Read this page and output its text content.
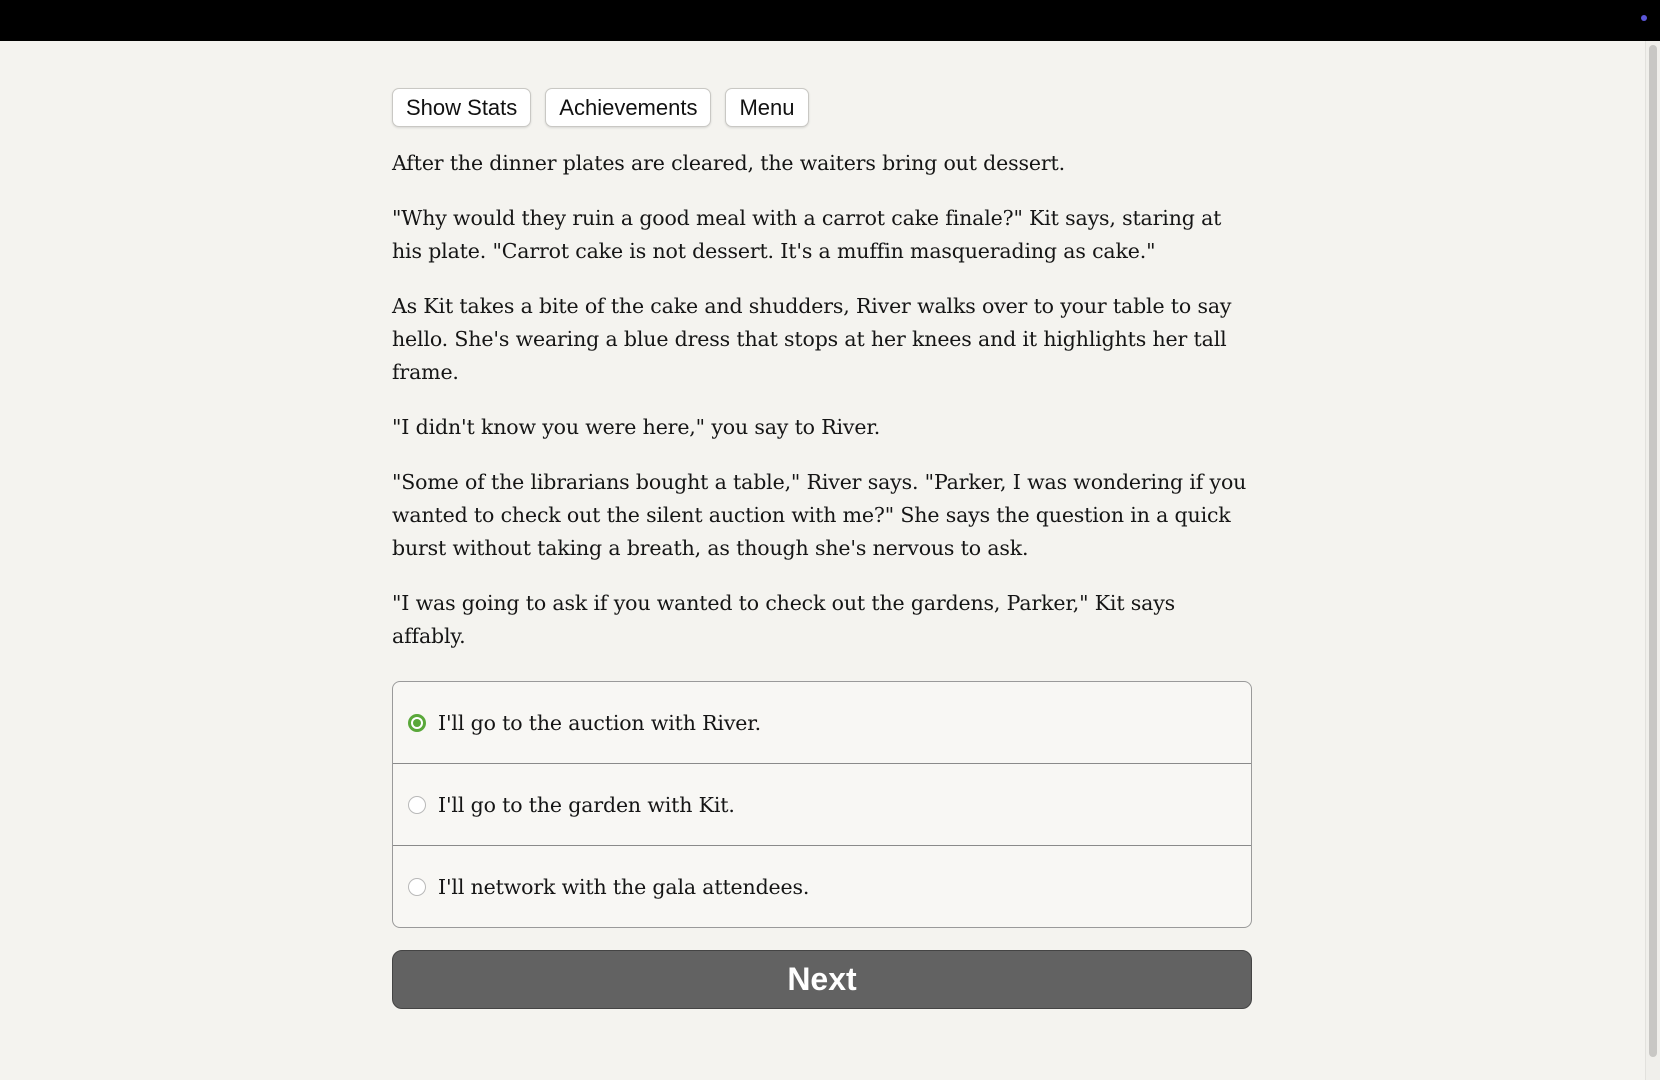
Show Stats	Achievements	Menu

After the dinner plates are cleared, the waiters bring out dessert.

"Why would they ruin a good meal with a carrot cake finale?" Kit says, staring at his plate. "Carrot cake is not dessert. It's a muffin masquerading as cake."

As Kit takes a bite of the cake and shudders, River walks over to your table to say hello. She's wearing a blue dress that stops at her knees and it highlights her tall frame.

"I didn't know you were here," you say to River.

"Some of the librarians bought a table," River says. "Parker, I was wondering if you wanted to check out the silent auction with me?" She says the question in a quick burst without taking a breath, as though she's nervous to ask.

"I was going to ask if you wanted to check out the gardens, Parker," Kit says affably.

I'll go to the auction with River.
I'll go to the garden with Kit.
I'll network with the gala attendees.
Next
